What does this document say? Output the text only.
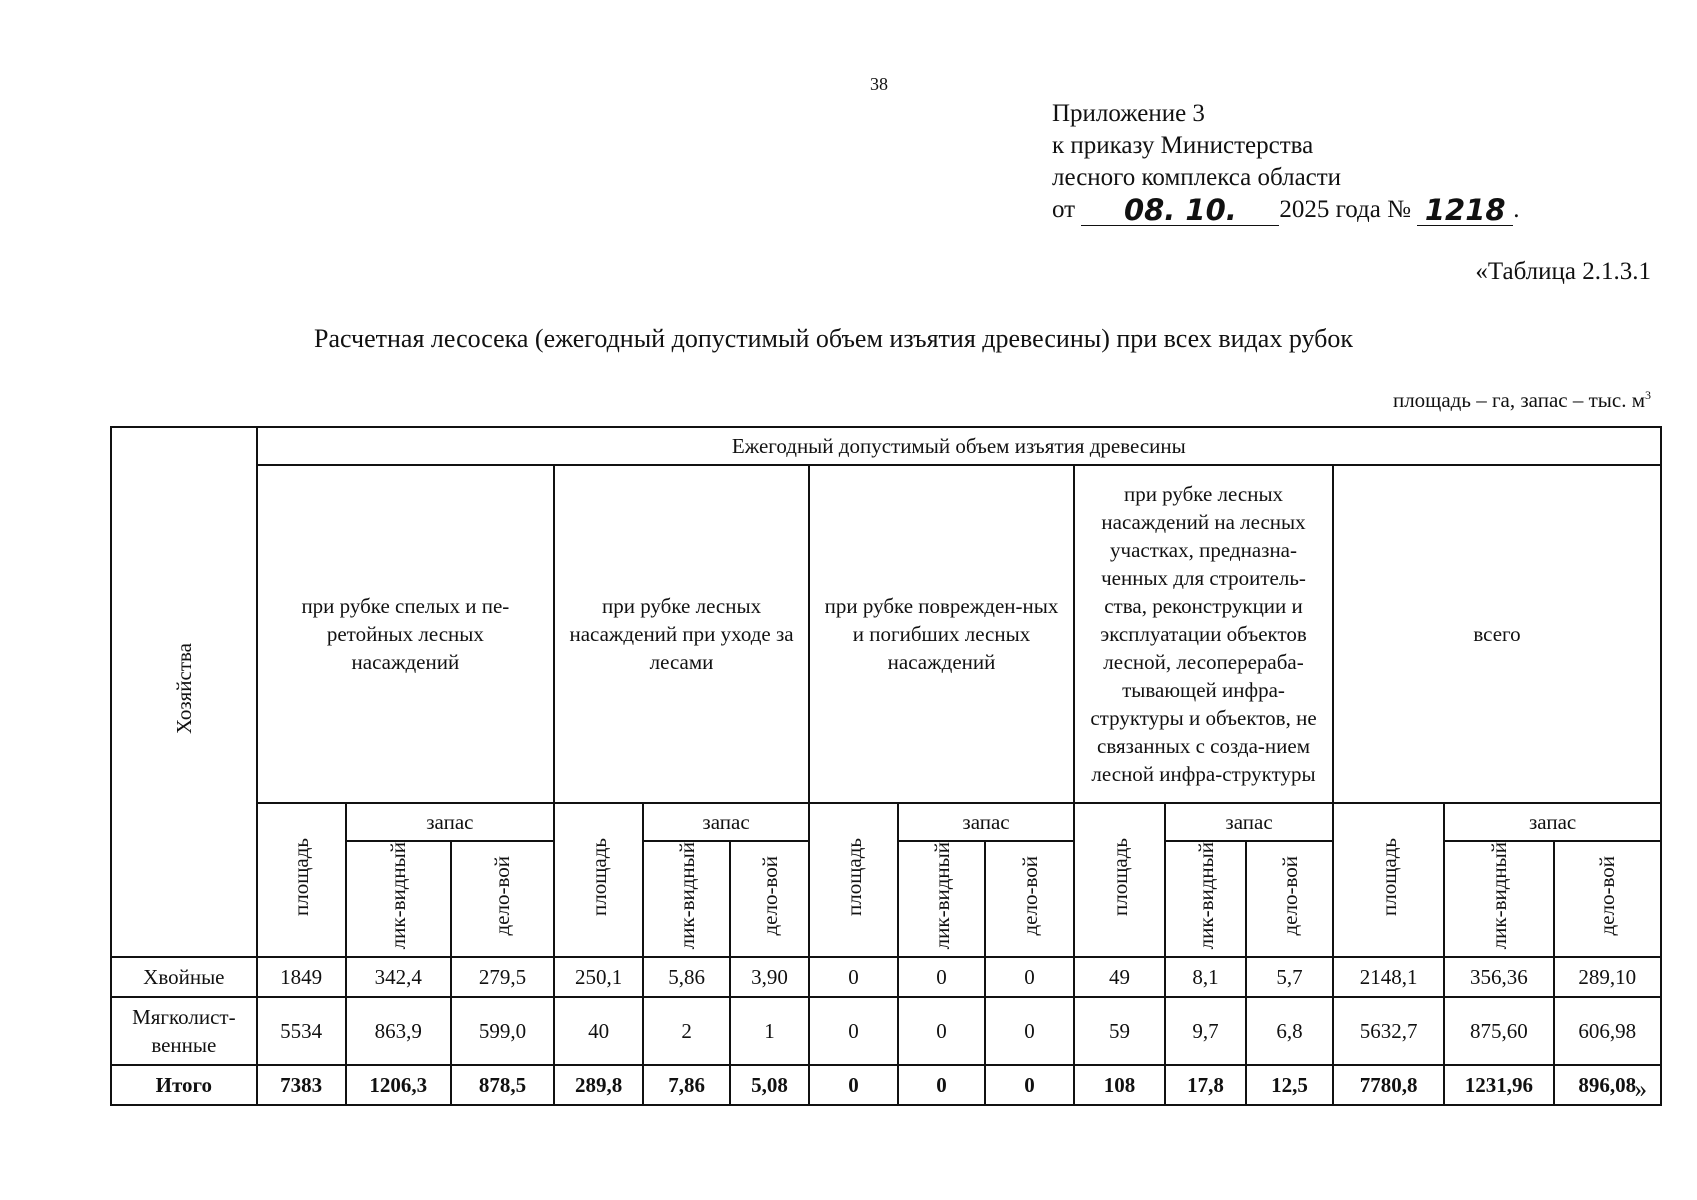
38
Приложение 3
к приказу Министерства
лесного комплекса области
от 08. 10. 2025 года № 1218 .
«Таблица 2.1.3.1
Расчетная лесосека (ежегодный допустимый объем изъятия древесины) при всех видах рубок
площадь – га, запас – тыс. $м^3$
Хозяйства	Ежегодный допустимый объем изъятия древесины														
	при рубке спелых и пе-ретойных лесных насаждений			при рубке лесных насаждений при уходе за лесами			при рубке поврежден-ных и погибших лесных насаждений			при рубке лесных насаждений на лесных участках, предназна-ченных для строитель-ства, реконструкции и эксплуатации объектов лесной, лесоперераба-тывающей инфра-структуры и объектов, не связанных с созда-нием лесной инфра-структуры			всего		
	площадь	запас		площадь	запас		площадь	запас		площадь	запас		площадь	запас	
		лик-видный	дело-вой		лик-видный	дело-вой		лик-видный	дело-вой		лик-видный	дело-вой		лик-видный	дело-вой
Хвойные	1849	342,4	279,5	250,1	5,86	3,90	0	0	0	49	8,1	5,7	2148,1	356,36	289,10
Мягколист-венные	5534	863,9	599,0	40	2	1	0	0	0	59	9,7	6,8	5632,7	875,60	606,98
Итого	7383	1206,3	878,5	289,8	7,86	5,08	0	0	0	108	17,8	12,5	7780,8	1231,96	896,08
»
